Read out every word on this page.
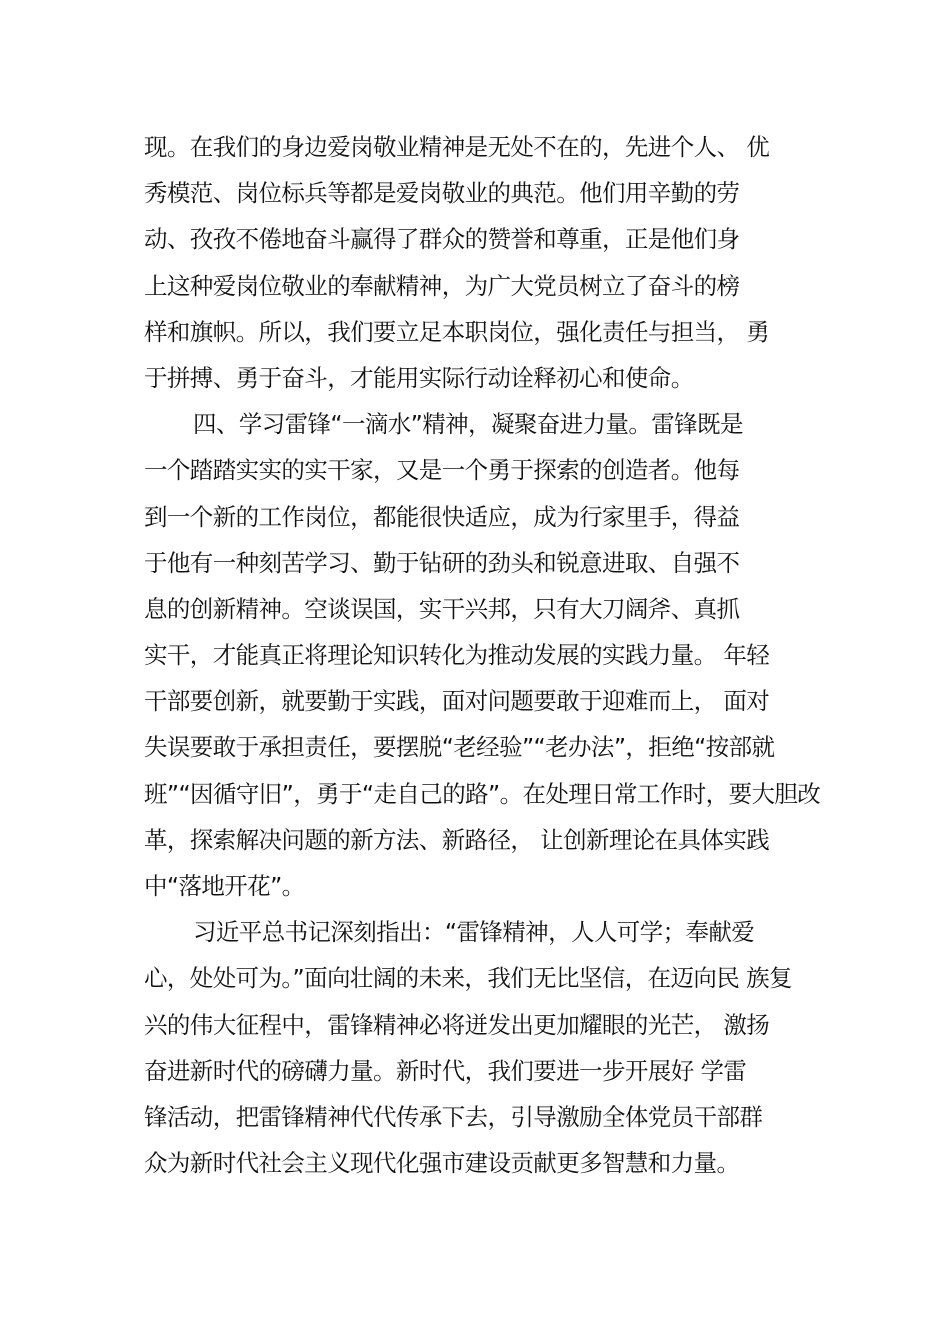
现。在我们的身边爱岗敬业精神是无处不在的，先进个人、 优
秀模范、岗位标兵等都是爱岗敬业的典范。他们用辛勤的劳
动、孜孜不倦地奋斗赢得了群众的赞誉和尊重，正是他们身
上这种爱岗位敬业的奉献精神，为广大党员树立了奋斗的榜
样和旗帜。所以，我们要立足本职岗位，强化责任与担当， 勇
于拼搏、勇于奋斗，才能用实际行动诠释初心和使命。
四、学习雷锋“一滴水”精神，凝聚奋进力量。雷锋既是
一个踏踏实实的实干家，又是一个勇于探索的创造者。他每
到一个新的工作岗位，都能很快适应，成为行家里手，得益
于他有一种刻苦学习、勤于钻研的劲头和锐意进取、自强不
息的创新精神。空谈误国，实干兴邦，只有大刀阔斧、真抓
实干，才能真正将理论知识转化为推动发展的实践力量。 年轻
干部要创新，就要勤于实践，面对问题要敢于迎难而上， 面对
失误要敢于承担责任，要摆脱“老经验”“老办法”，拒绝“按部就
班”“因循守旧”，勇于“走自己的路”。在处理日常工作时，要大胆改
革，探索解决问题的新方法、新路径， 让创新理论在具体实践
中“落地开花”。
习近平总书记深刻指出：“雷锋精神，人人可学；奉献爱
心，处处可为。”面向壮阔的未来，我们无比坚信，在迈向民 族复
兴的伟大征程中，雷锋精神必将迸发出更加耀眼的光芒， 激扬
奋进新时代的磅礴力量。新时代，我们要进一步开展好 学雷
锋活动，把雷锋精神代代传承下去，引导激励全体党员干部群
众为新时代社会主义现代化强市建设贡献更多智慧和力量。
